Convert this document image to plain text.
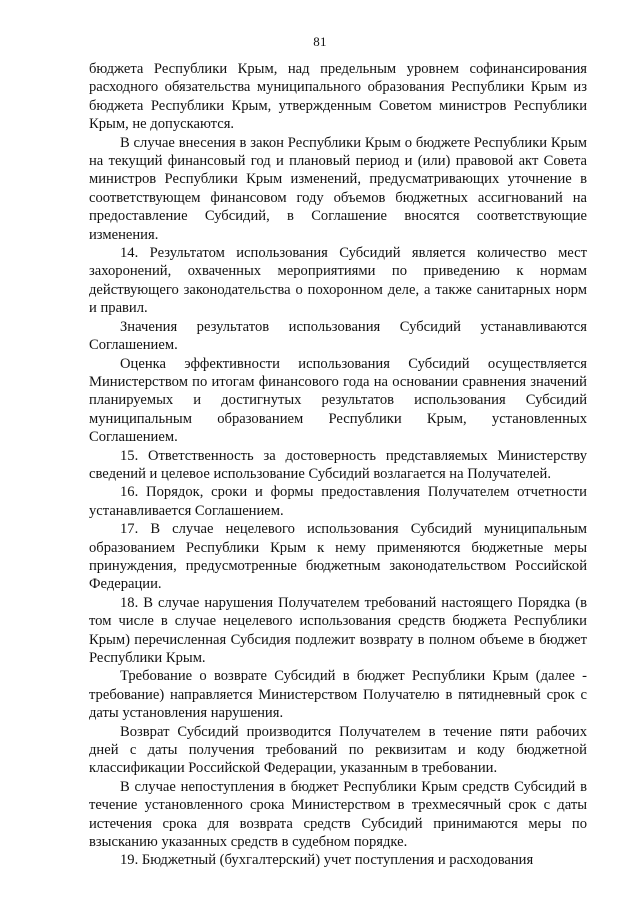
81

бюджета Республики Крым, над предельным уровнем софинансирования расходного обязательства муниципального образования Республики Крым из бюджета Республики Крым, утвержденным Советом министров Республики Крым, не допускаются.

В случае внесения в закон Республики Крым о бюджете Республики Крым на текущий финансовый год и плановый период и (или) правовой акт Совета министров Республики Крым изменений, предусматривающих уточнение в соответствующем финансовом году объемов бюджетных ассигнований на предоставление Субсидий, в Соглашение вносятся соответствующие изменения.

14. Результатом использования Субсидий является количество мест захоронений, охваченных мероприятиями по приведению к нормам действующего законодательства о похоронном деле, а также санитарных норм и правил.

Значения результатов использования Субсидий устанавливаются Соглашением.

Оценка эффективности использования Субсидий осуществляется Министерством по итогам финансового года на основании сравнения значений планируемых и достигнутых результатов использования Субсидий муниципальным образованием Республики Крым, установленных Соглашением.

15. Ответственность за достоверность представляемых Министерству сведений и целевое использование Субсидий возлагается на Получателей.

16. Порядок, сроки и формы предоставления Получателем отчетности устанавливается Соглашением.

17. В случае нецелевого использования Субсидий муниципальным образованием Республики Крым к нему применяются бюджетные меры принуждения, предусмотренные бюджетным законодательством Российской Федерации.

18. В случае нарушения Получателем требований настоящего Порядка (в том числе в случае нецелевого использования средств бюджета Республики Крым) перечисленная Субсидия подлежит возврату в полном объеме в бюджет Республики Крым.

Требование о возврате Субсидий в бюджет Республики Крым (далее - требование) направляется Министерством Получателю в пятидневный срок с даты установления нарушения.

Возврат Субсидий производится Получателем в течение пяти рабочих дней с даты получения требований по реквизитам и коду бюджетной классификации Российской Федерации, указанным в требовании.

В случае непоступления в бюджет Республики Крым средств Субсидий в течение установленного срока Министерством в трехмесячный срок с даты истечения срока для возврата средств Субсидий принимаются меры по взысканию указанных средств в судебном порядке.

19. Бюджетный (бухгалтерский) учет поступления и расходования
